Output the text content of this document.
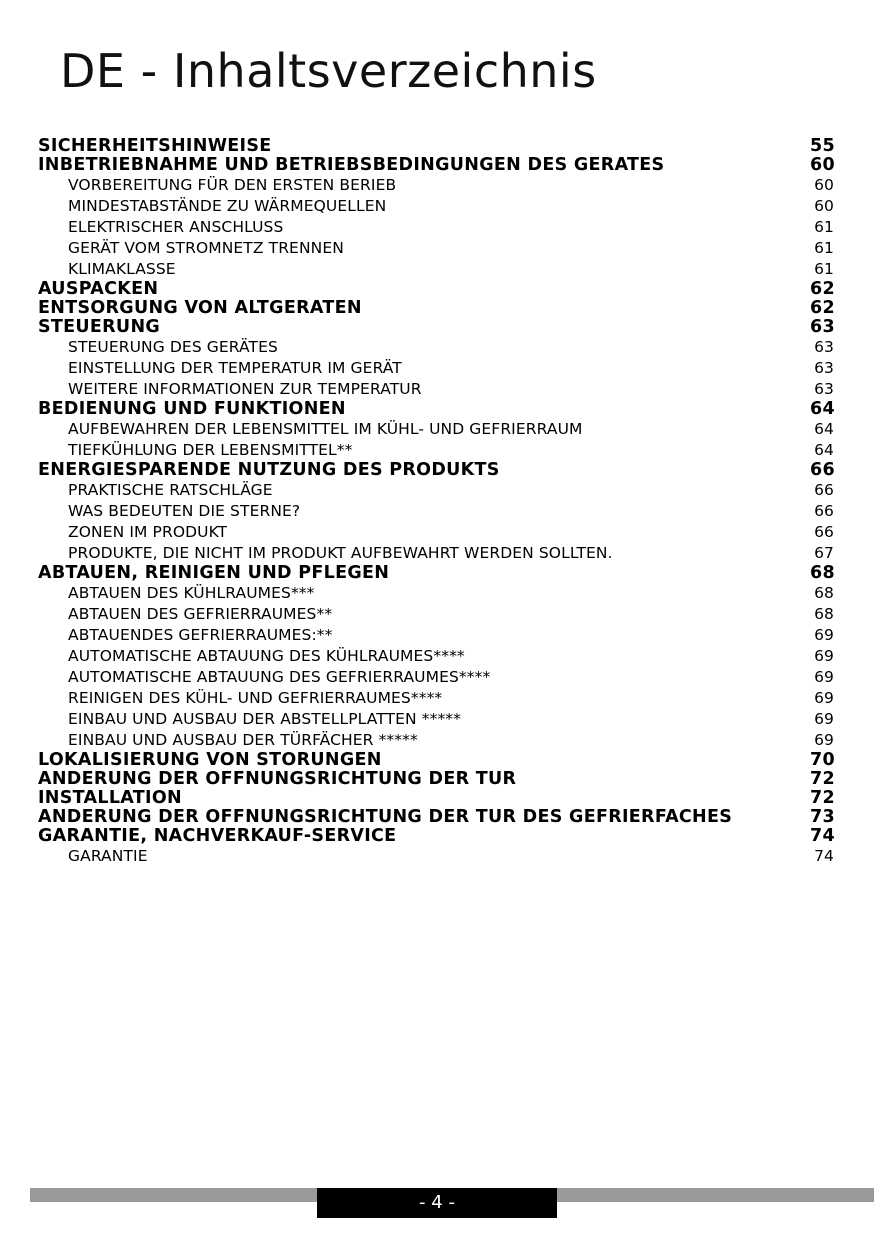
DE - Inhaltsverzeichnis
SICHERHEITSHINWEISE	55
INBETRIEBNAHME UND BETRIEBSBEDINGUNGEN DES GERÄTES	60
VORBEREITUNG FÜR DEN ERSTEN BERIEB	60
MINDESTABSTÄNDE ZU WÄRMEQUELLEN	60
ELEKTRISCHER ANSCHLUSS	61
GERÄT VOM STROMNETZ TRENNEN	61
KLIMAKLASSE	61
AUSPACKEN	62
ENTSORGUNG VON ALTGERÄTEN	62
STEUERUNG	63
STEUERUNG DES GERÄTES	63
EINSTELLUNG DER TEMPERATUR IM GERÄT	63
WEITERE INFORMATIONEN ZUR TEMPERATUR	63
BEDIENUNG UND FUNKTIONEN	64
AUFBEWAHREN DER LEBENSMITTEL IM KÜHL- UND GEFRIERRAUM	64
TIEFKÜHLUNG DER LEBENSMITTEL**	64
ENERGIESPARENDE NUTZUNG DES PRODUKTS	66
PRAKTISCHE RATSCHLÄGE	66
WAS BEDEUTEN DIE STERNE?	66
ZONEN IM PRODUKT	66
PRODUKTE, DIE NICHT IM PRODUKT AUFBEWAHRT WERDEN SOLLTEN.	67
ABTAUEN, REINIGEN UND PFLEGEN	68
ABTAUEN DES KÜHLRAUMES***	68
ABTAUEN DES GEFRIERRAUMES**	68
ABTAUENDES GEFRIERRAUMES:**	69
AUTOMATISCHE ABTAUUNG DES KÜHLRAUMES****	69
AUTOMATISCHE ABTAUUNG DES GEFRIERRAUMES****	69
REINIGEN DES KÜHL- UND GEFRIERRAUMES****	69
EINBAU UND AUSBAU DER ABSTELLPLATTEN *****	69
EINBAU UND AUSBAU DER TÜRFÄCHER *****	69
LOKALISIERUNG VON STÖRUNGEN	70
ÄNDERUNG DER ÖFFNUNGSRICHTUNG DER TÜR	72
INSTALLATION	72
ÄNDERUNG DER ÖFFNUNGSRICHTUNG DER TÜR DES GEFRIERFACHES	73
GARANTIE, NACHVERKAUF-SERVICE	74
GARANTIE	74
- 4 -
